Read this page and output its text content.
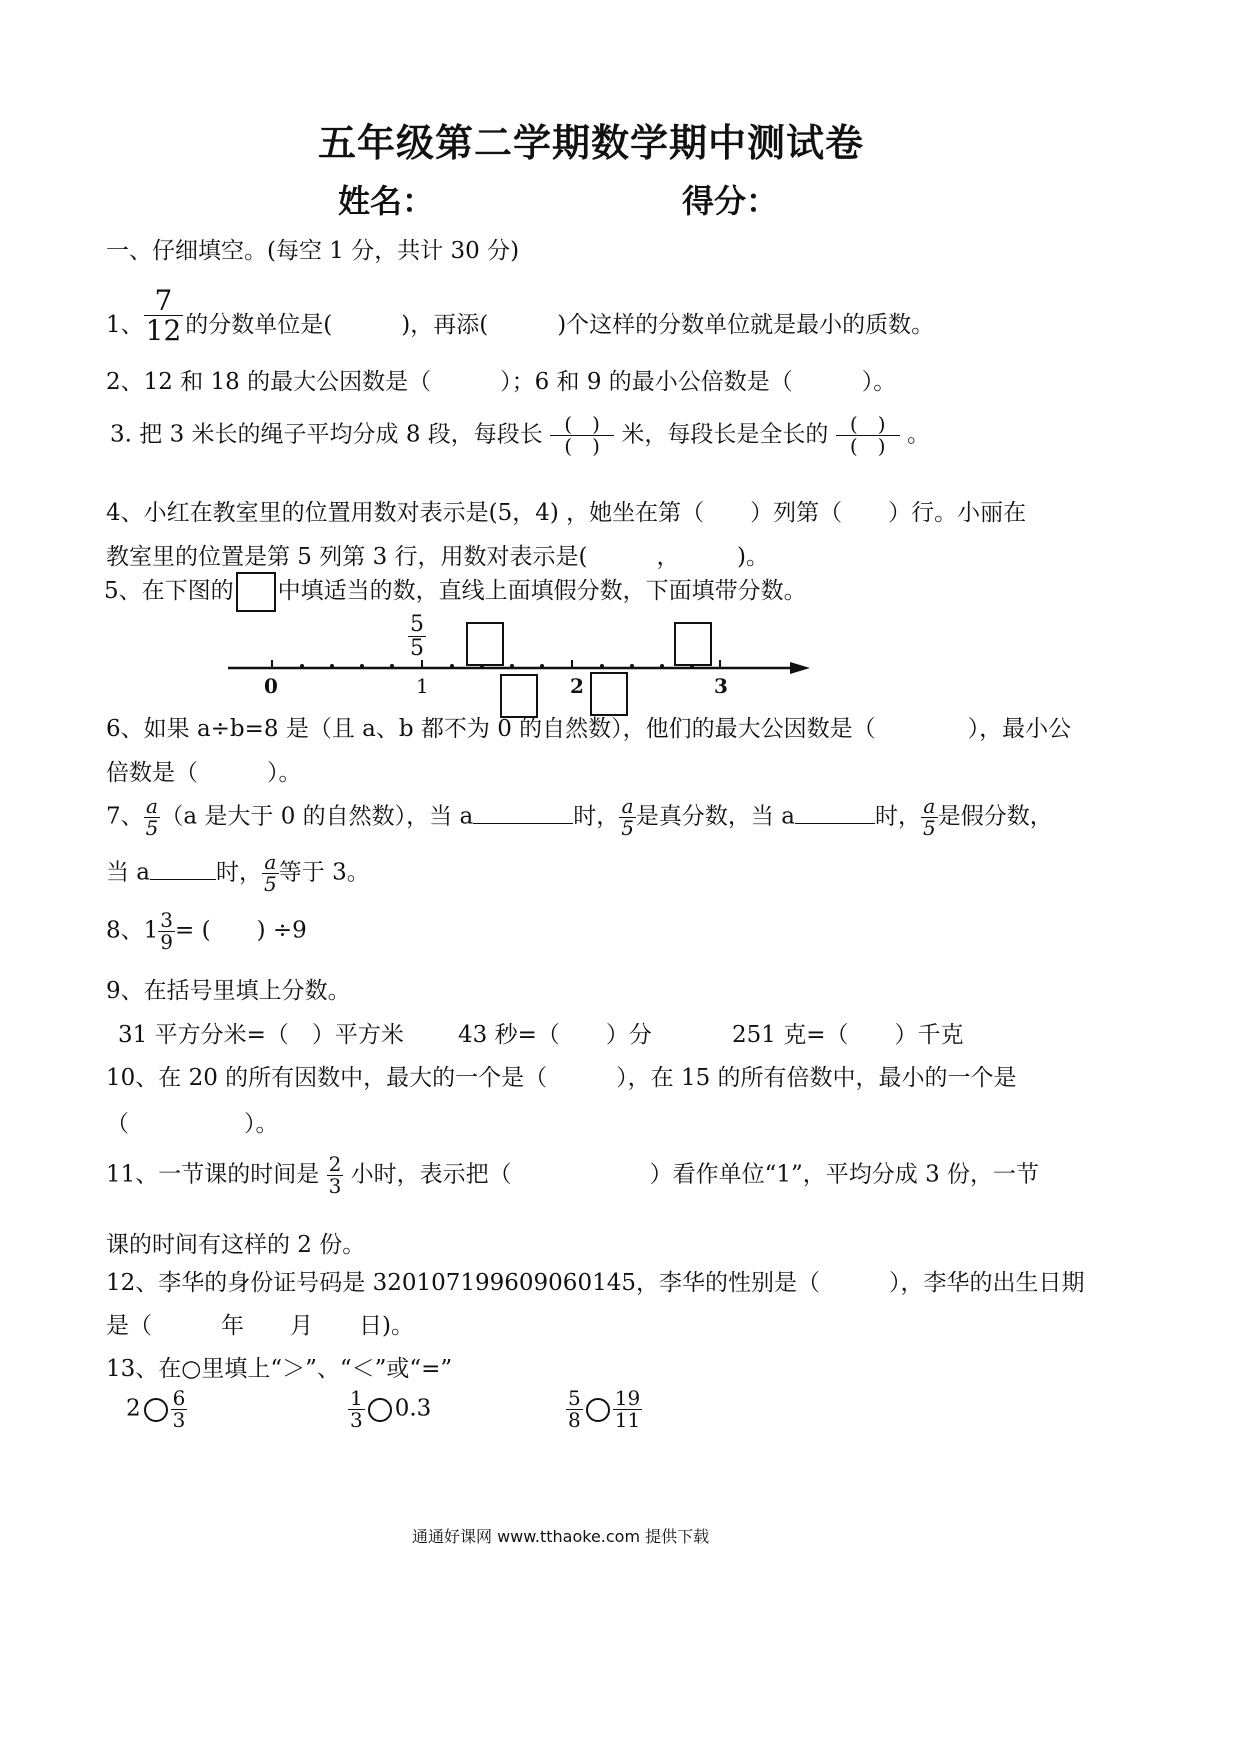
五年级第二学期数学期中测试卷
姓名：	得分：
一、仔细填空。(每空 1 分，共计 30 分)
1、 $\frac{7}{12}$ 的分数单位是(　　　)，再添(　　　)个这样的分数单位就是最小的质数。
2、12 和 18 的最大公因数是（　　　）；6 和 9 的最小公倍数是（　　　）。
3. 把 3 米长的绳子平均分成 8 段，每段长 $\frac{( )}{( )}$ 米，每段长是全长的 $\frac{( )}{( )}$ 。
4、小红在教室里的位置用数对表示是(5，4) ，她坐在第（　　）列第（　　）行。小丽在
教室里的位置是第 5 列第 3 行，用数对表示是(　　　，　　　)。
5、在下图的 中填适当的数，直线上面填假分数，下面填带分数。
0	1	2	3
$\frac{5}{5}$
6、如果 a÷b=8 是（且 a、b 都不为 0 的自然数），他们的最大公因数是（　　　　），最小公
倍数是（　　　）。
7、 $\frac{a}{5} (a$ 是大于 0 的自然数），当 a	时， $\frac{a}{5}$ 是真分数，当 a	时， $\frac{a}{5}$ 是假分数，
当 a	时， $\frac{a}{5}$ 等于 3。
8、$1 \frac{3}{9}$ = (　　) ÷9
9、在括号里填上分数。
31 平方分米=（　）平方米 43 秒=（　　）分	251 克=（　　）千克
10、在 20 的所有因数中，最大的一个是（　　　），在 15 的所有倍数中，最小的一个是
（　　　　　）。
11、一节课的时间是 $\frac{2}{3}$ 小时，表示把（　　　　　　）看作单位“1”，平均分成 3 份，一节
课的时间有这样的 2 份。
12、李华的身份证号码是 320107199609060145，李华的性别是（　　　），李华的出生日期
是（　　　年　　月　　日)。
13、在○里填上“＞”、“＜”或“=”
$2 \frac{6}{3}$	$\frac{1}{3} 0.3$	$\frac{5}{8} \frac{19}{11}$
通通好课网 www.tthaoke.com 提供下载
